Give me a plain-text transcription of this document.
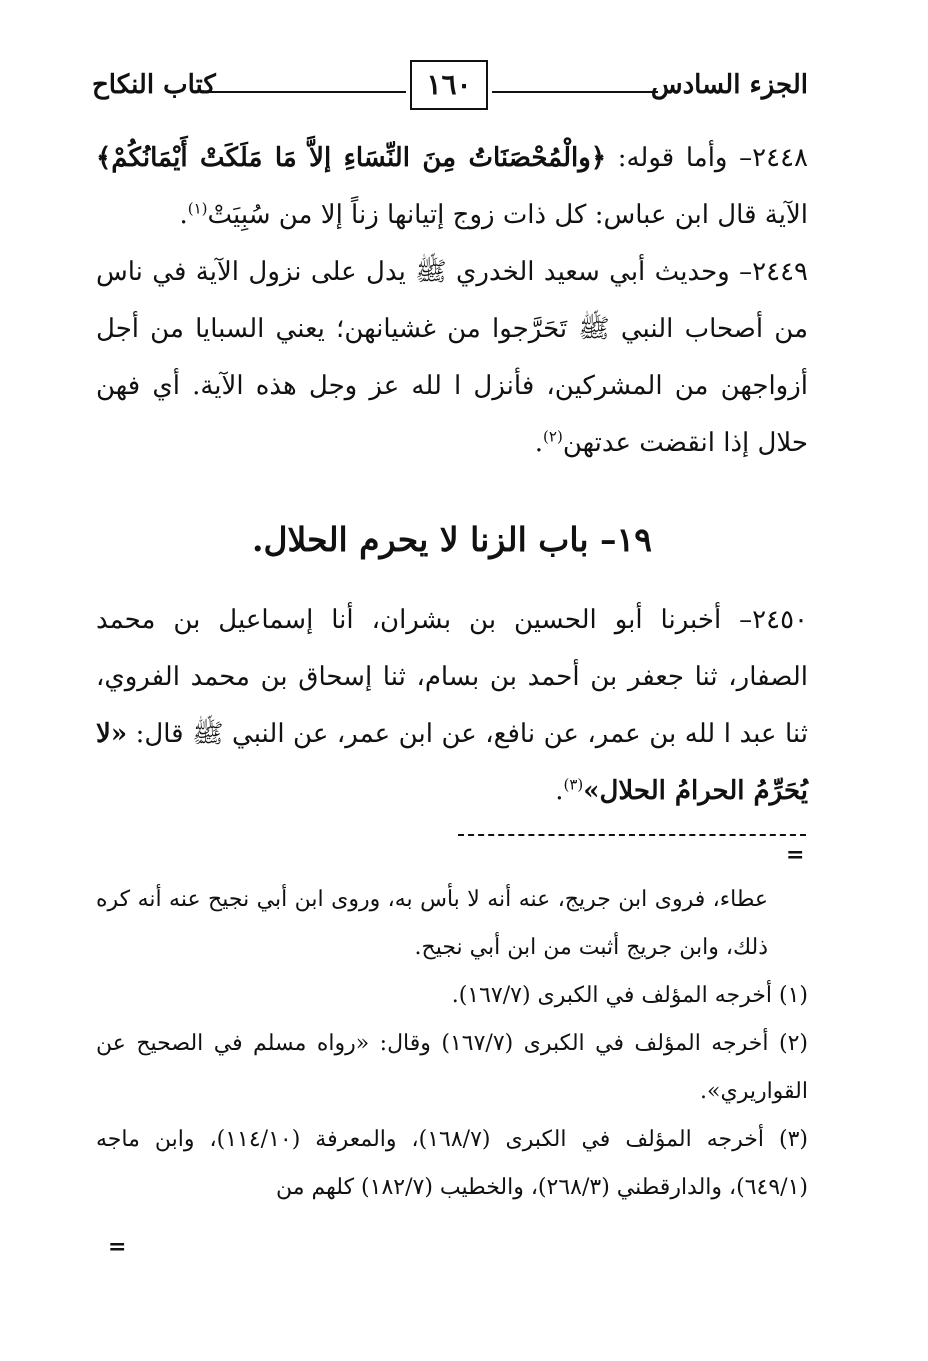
الجزء السادس
١٦٠
كتاب النكاح

٢٤٤٨– وأما قوله: ﴿والْمُحْصَنَاتُ مِنَ النِّسَاءِ إلاَّ مَا مَلَكَتْ أَيْمَانُكُمْ﴾ الآية قال ابن عباس: كل ذات زوج إتيانها زناً إلا من سُبِيَتْ$^{(١)}$.

٢٤٤٩– وحديث أبي سعيد الخدري ﷺ يدل على نزول الآية في ناس من أصحاب النبي ﷺ تَحَرَّجوا من غشيانهن؛ يعني السبايا من أجل أزواجهن من المشركين، فأنزل ا لله عز وجل هذه الآية. أي فهن حلال إذا انقضت عدتهن$^{(٢)}$.

١٩– باب الزنا لا يحرم الحلال.

٢٤٥٠– أخبرنا أبو الحسين بن بشران، أنا إسماعيل بن محمد الصفار، ثنا جعفر بن أحمد بن بسام، ثنا إسحاق بن محمد الفروي، ثنا عبد ا لله بن عمر، عن نافع، عن ابن عمر، عن النبي ﷺ قال: «لا يُحَرِّمُ الحرامُ الحلال»$^{(٣)}$.

=

عطاء، فروى ابن جريج، عنه أنه لا بأس به، وروى ابن أبي نجيح عنه أنه كره ذلك، وابن جريج أثبت من ابن أبي نجيح.

(١) أخرجه المؤلف في الكبرى (١٦٧/٧).

(٢) أخرجه المؤلف في الكبرى (١٦٧/٧) وقال: «رواه مسلم في الصحيح عن القواريري».

(٣) أخرجه المؤلف في الكبرى (١٦٨/٧)، والمعرفة (١١٤/١٠)، وابن ماجه (٦٤٩/١)، والدارقطني (٢٦٨/٣)، والخطيب (١٨٢/٧) كلهم من

=
